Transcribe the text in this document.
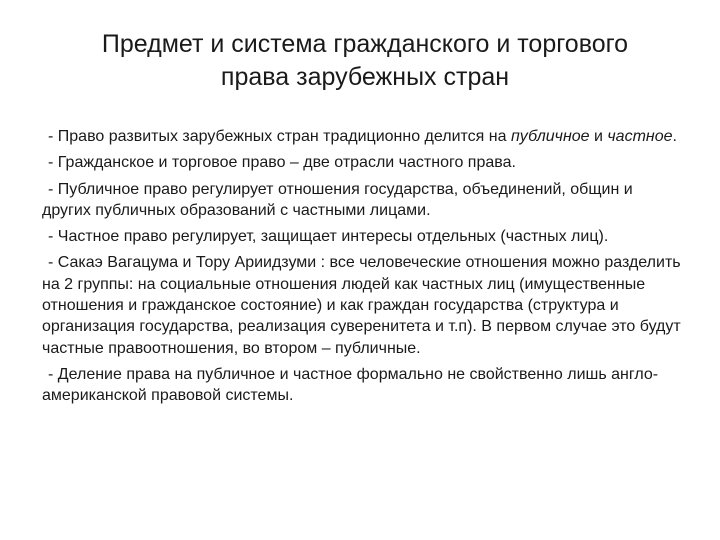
Предмет и система гражданского и торгового
права зарубежных стран

- Право развитых зарубежных стран традиционно делится на публичное и частное.

- Гражданское и торговое право – две отрасли частного права.

- Публичное право регулирует отношения государства, объединений, общин и других публичных образований с частными лицами.

- Частное право регулирует, защищает интересы отдельных (частных лиц).

- Сакаэ Вагацума и Тору Ариидзуми : все человеческие отношения можно разделить на 2 группы: на социальные отношения людей как частных лиц (имущественные отношения и гражданское состояние) и как граждан государства (структура и организация государства, реализация суверенитета и т.п). В первом случае это будут частные правоотношения, во втором – публичные.

- Деление права на публичное и частное формально не свойственно лишь англо-американской правовой системы.
